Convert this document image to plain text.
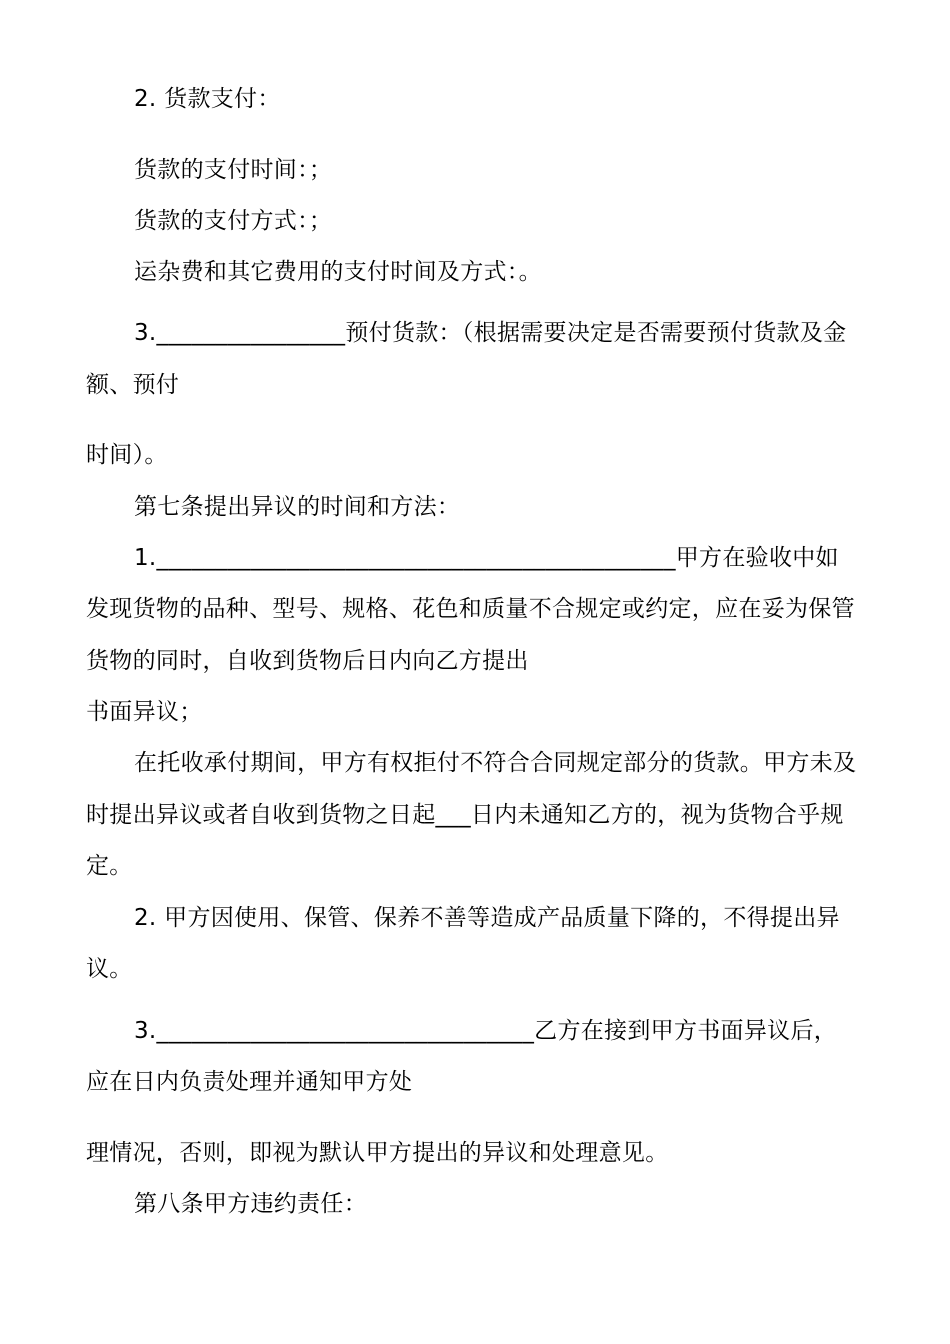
2. 货款支付：
货款的支付时间：；
货款的支付方式：；
运杂费和其它费用的支付时间及方式：。
3.________________预付货款：（根据需要决定是否需要预付货款及金
额、预付
时间）。
第七条提出异议的时间和方法：
1.____________________________________________甲方在验收中如
发现货物的品种、型号、规格、花色和质量不合规定或约定，应在妥为保管
货物的同时，自收到货物后日内向乙方提出
书面异议；
在托收承付期间，甲方有权拒付不符合合同规定部分的货款。甲方未及
时提出异议或者自收到货物之日起___日内未通知乙方的，视为货物合乎规
定。
2. 甲方因使用、保管、保养不善等造成产品质量下降的，不得提出异
议。
3.________________________________乙方在接到甲方书面异议后，
应在日内负责处理并通知甲方处
理情况，否则，即视为默认甲方提出的异议和处理意见。
第八条甲方违约责任：
